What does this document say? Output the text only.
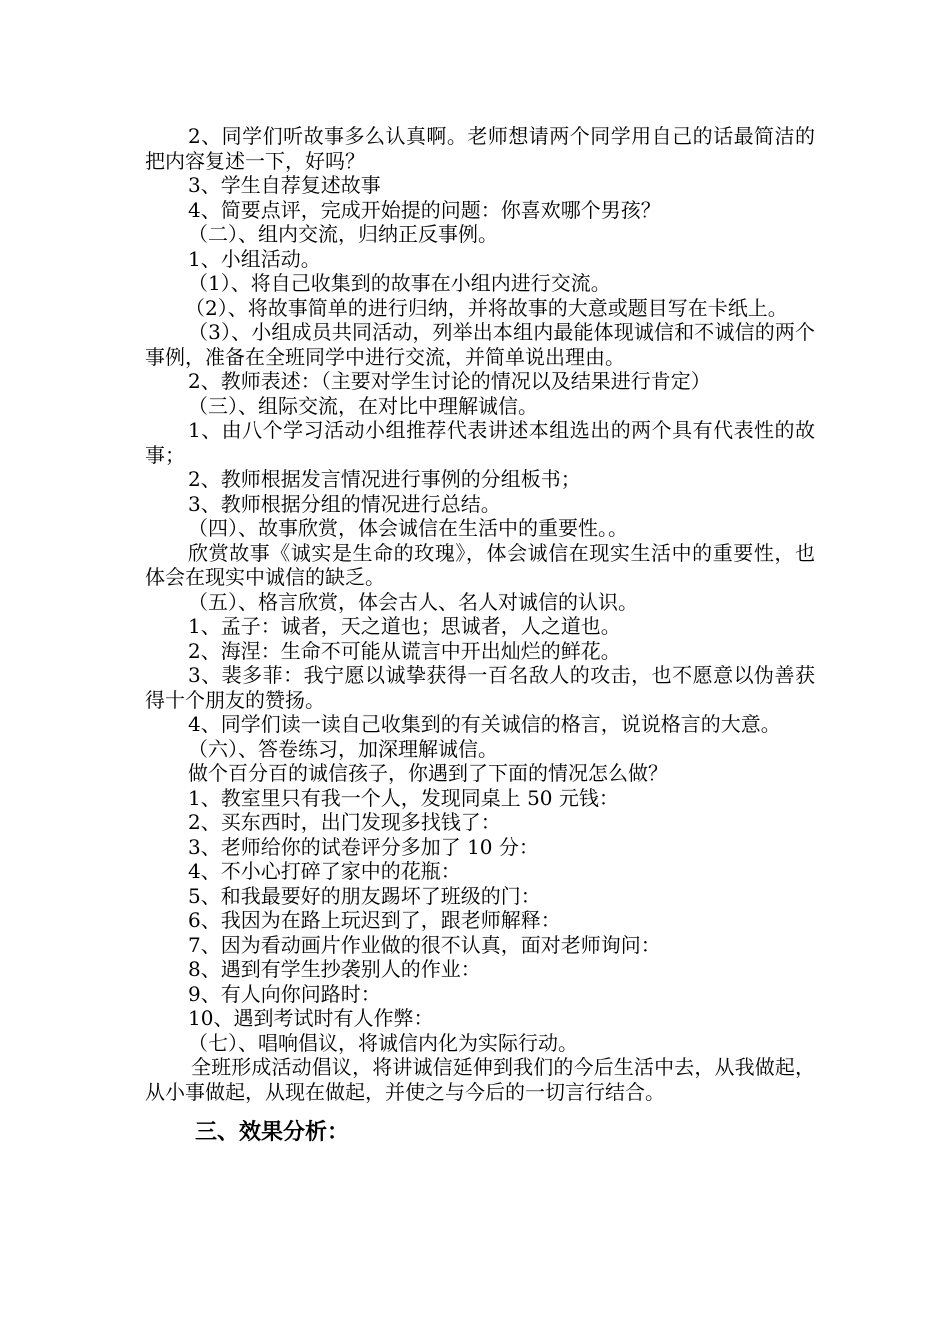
2、同学们听故事多么认真啊。老师想请两个同学用自己的话最简洁的把内容复述一下，好吗？

3、学生自荐复述故事

4、简要点评，完成开始提的问题：你喜欢哪个男孩？

（二）、组内交流，归纳正反事例。

1、小组活动。

（1）、将自己收集到的故事在小组内进行交流。

（2）、将故事简单的进行归纳，并将故事的大意或题目写在卡纸上。

（3）、小组成员共同活动，列举出本组内最能体现诚信和不诚信的两个事例，准备在全班同学中进行交流，并简单说出理由。

2、教师表述：（主要对学生讨论的情况以及结果进行肯定）

（三）、组际交流，在对比中理解诚信。

1、由八个学习活动小组推荐代表讲述本组选出的两个具有代表性的故事；

2、教师根据发言情况进行事例的分组板书；

3、教师根据分组的情况进行总结。

（四）、故事欣赏，体会诚信在生活中的重要性。。

欣赏故事《诚实是生命的玫瑰》，体会诚信在现实生活中的重要性，也体会在现实中诚信的缺乏。

（五）、格言欣赏，体会古人、名人对诚信的认识。

1、孟子：诚者，天之道也；思诚者，人之道也。

2、海涅：生命不可能从谎言中开出灿烂的鲜花。

3、裴多菲：我宁愿以诚挚获得一百名敌人的攻击，也不愿意以伪善获得十个朋友的赞扬。

4、同学们读一读自己收集到的有关诚信的格言，说说格言的大意。

（六）、答卷练习，加深理解诚信。

做个百分百的诚信孩子，你遇到了下面的情况怎么做？

1、教室里只有我一个人，发现同桌上 50 元钱：

2、买东西时，出门发现多找钱了：

3、老师给你的试卷评分多加了 10 分：

4、不小心打碎了家中的花瓶：

5、和我最要好的朋友踢坏了班级的门：

6、我因为在路上玩迟到了，跟老师解释：

7、因为看动画片作业做的很不认真，面对老师询问：

8、遇到有学生抄袭别人的作业：

9、有人向你问路时：

10、遇到考试时有人作弊：

（七）、唱响倡议，将诚信内化为实际行动。

全班形成活动倡议，将讲诚信延伸到我们的今后生活中去，从我做起，从小事做起，从现在做起，并使之与今后的一切言行结合。

三、效果分析：
